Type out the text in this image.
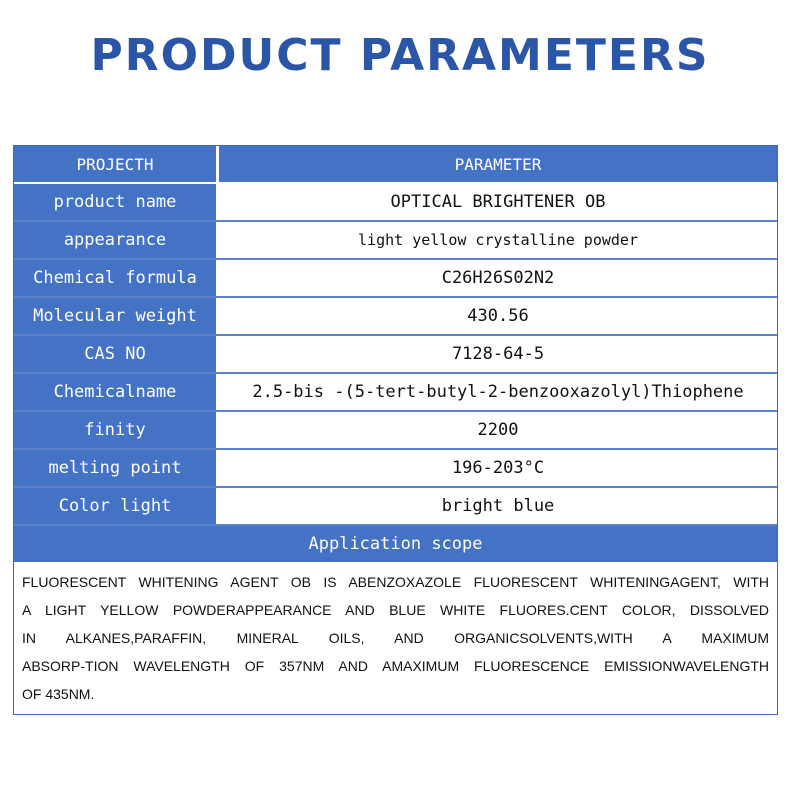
PRODUCT PARAMETERS
PROJECTH	PARAMETER
product name	OPTICAL BRIGHTENER OB
appearance	light yellow crystalline powder
Chemical formula	C26H26S02N2
Molecular weight	430.56
CAS NO	7128-64-5
Chemicalname	2.5-bis -(5-tert-butyl-2-benzooxazolyl)Thiophene
finity	2200
melting point	196-203°C
Color light	bright blue
Application scope
FLUORESCENT WHITENING AGENT OB IS ABENZOXAZOLE FLUORESCENT WHITENINGAGENT, WITH
A LIGHT YELLOW POWDERAPPEARANCE AND BLUE WHITE FLUORES.CENT COLOR, DISSOLVED
IN ALKANES,PARAFFIN, MINERAL OILS, AND ORGANICSOLVENTS,WITH A MAXIMUM
ABSORP-TION WAVELENGTH OF 357NM AND AMAXIMUM FLUORESCENCE EMISSIONWAVELENGTH
OF 435NM.
